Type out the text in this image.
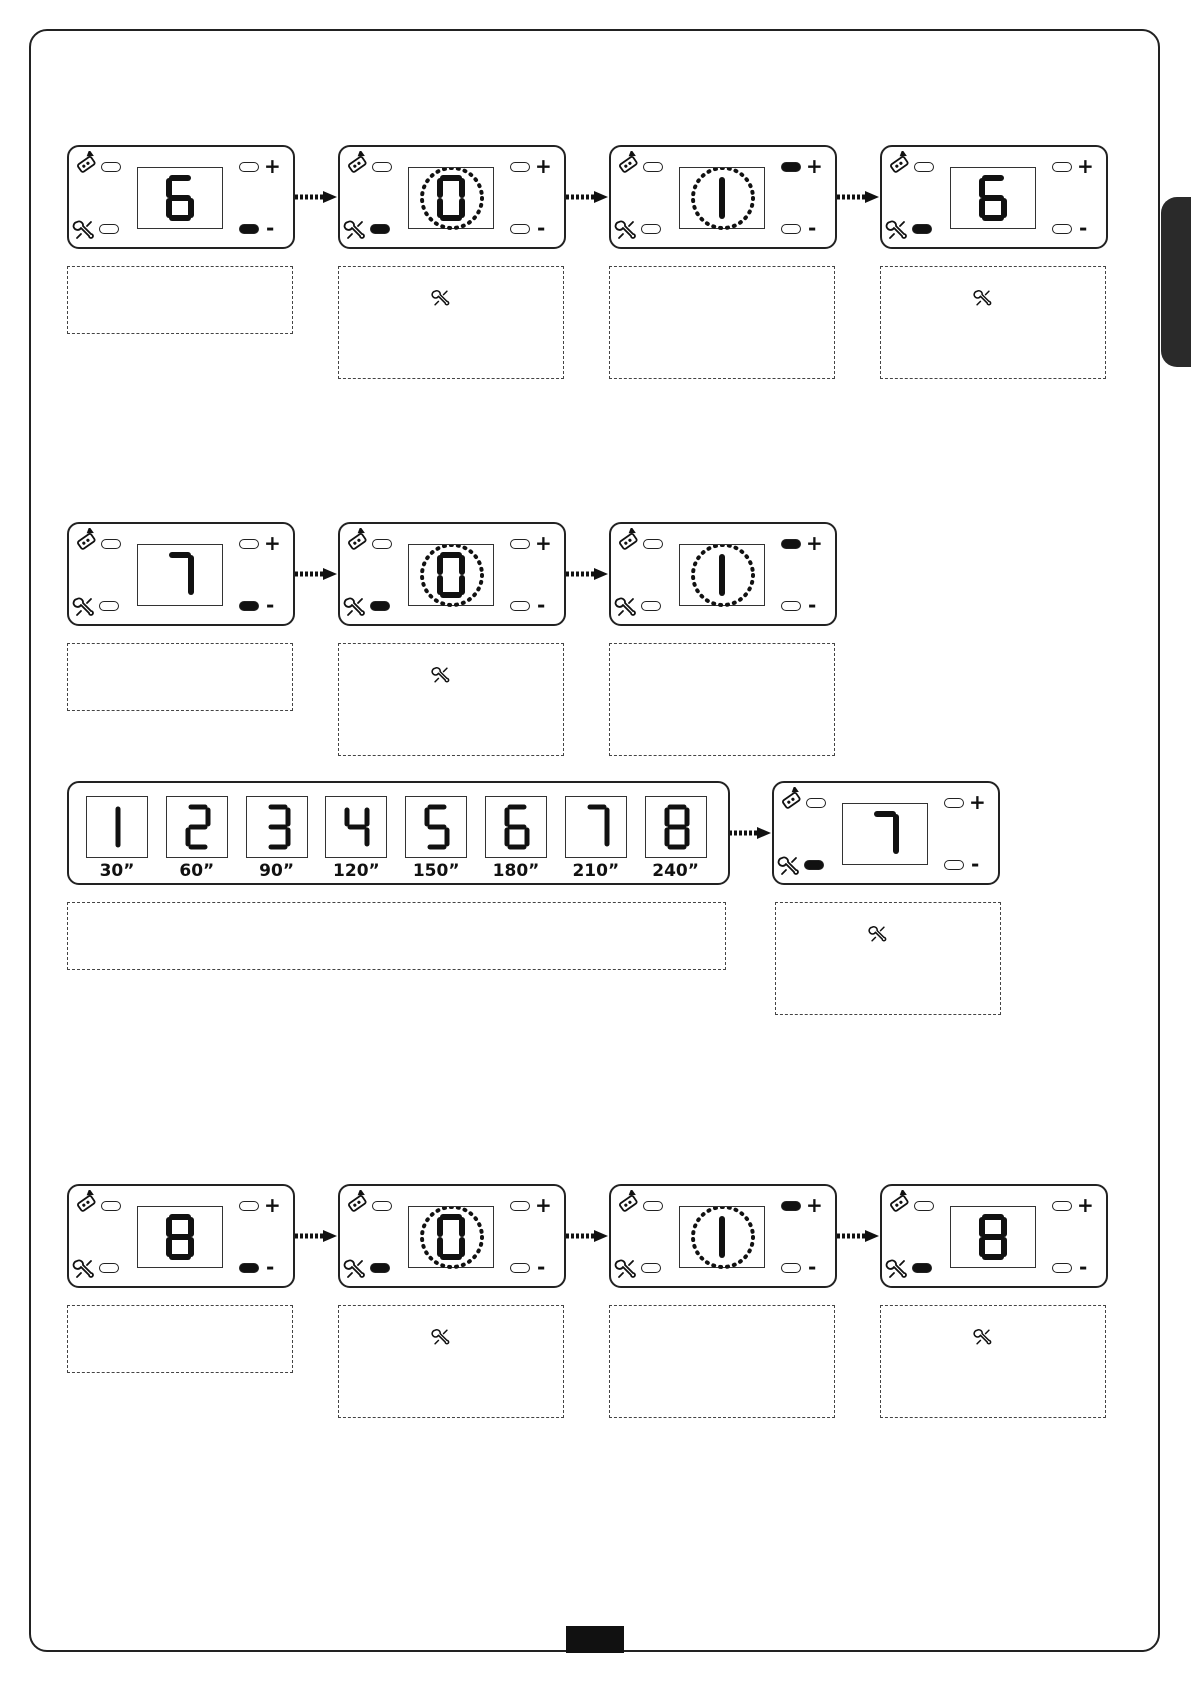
+
-
+
-
+
-
+
-
+
-
+
-
+
-
+
-
+
-
+
-
+
-
+
-
30”	60”	90”	120”	150”	180”	210”	240”
